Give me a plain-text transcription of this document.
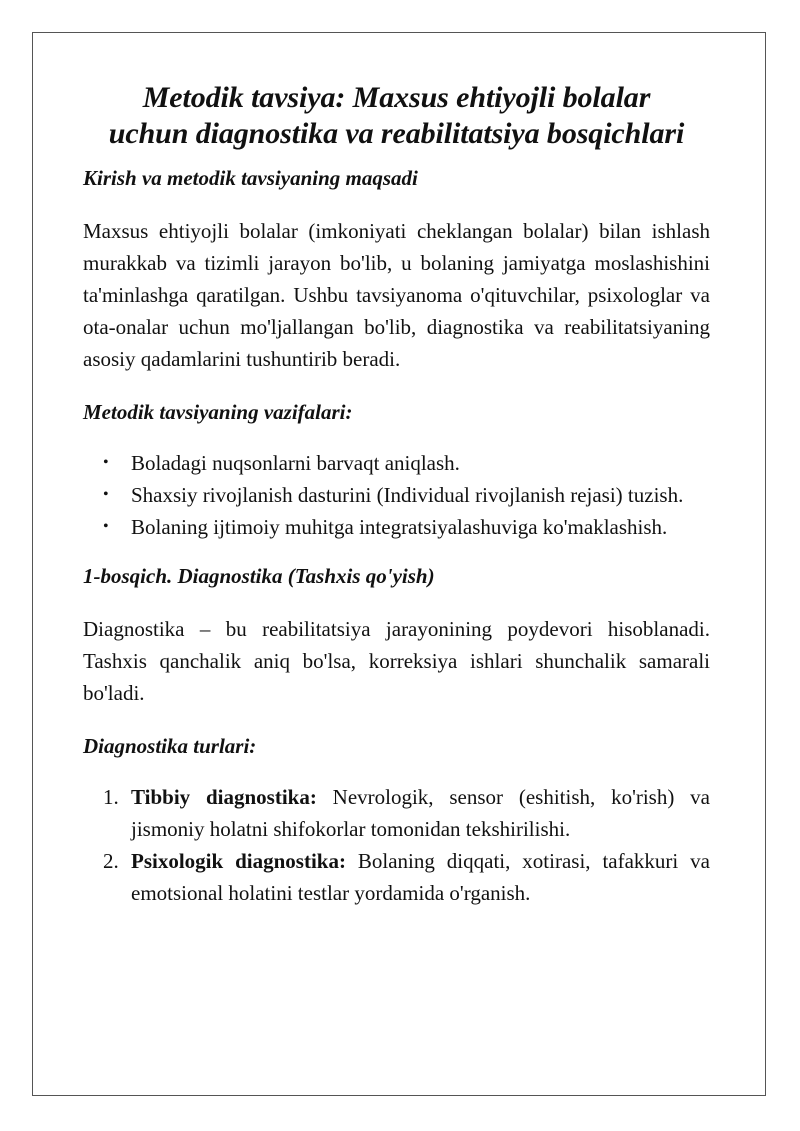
Metodik tavsiya: Maxsus ehtiyojli bolalar
uchun diagnostika va reabilitatsiya bosqichlari
Kirish va metodik tavsiyaning maqsadi

Maxsus ehtiyojli bolalar (imkoniyati cheklangan bolalar) bilan ishlash murakkab va tizimli jarayon bo'lib, u bolaning jamiyatga moslashishini ta'minlashga qaratilgan. Ushbu tavsiyanoma o'qituvchilar, psixologlar va ota-onalar uchun mo'ljallangan bo'lib, diagnostika va reabilitatsiyaning asosiy qadamlarini tushuntirib beradi.

Metodik tavsiyaning vazifalari:
• Boladagi nuqsonlarni barvaqt aniqlash.
• Shaxsiy rivojlanish dasturini (Individual rivojlanish rejasi) tuzish.
• Bolaning ijtimoiy muhitga integratsiyalashuviga ko'maklashish.
1-bosqich. Diagnostika (Tashxis qo'yish)

Diagnostika – bu reabilitatsiya jarayonining poydevori hisoblanadi. Tashxis qanchalik aniq bo'lsa, korreksiya ishlari shunchalik samarali bo'ladi.

Diagnostika turlari:
1. Tibbiy diagnostika: Nevrologik, sensor (eshitish, ko'rish) va jismoniy holatni shifokorlar tomonidan tekshirilishi.
2. Psixologik diagnostika: Bolaning diqqati, xotirasi, tafakkuri va emotsional holatini testlar yordamida o'rganish.
